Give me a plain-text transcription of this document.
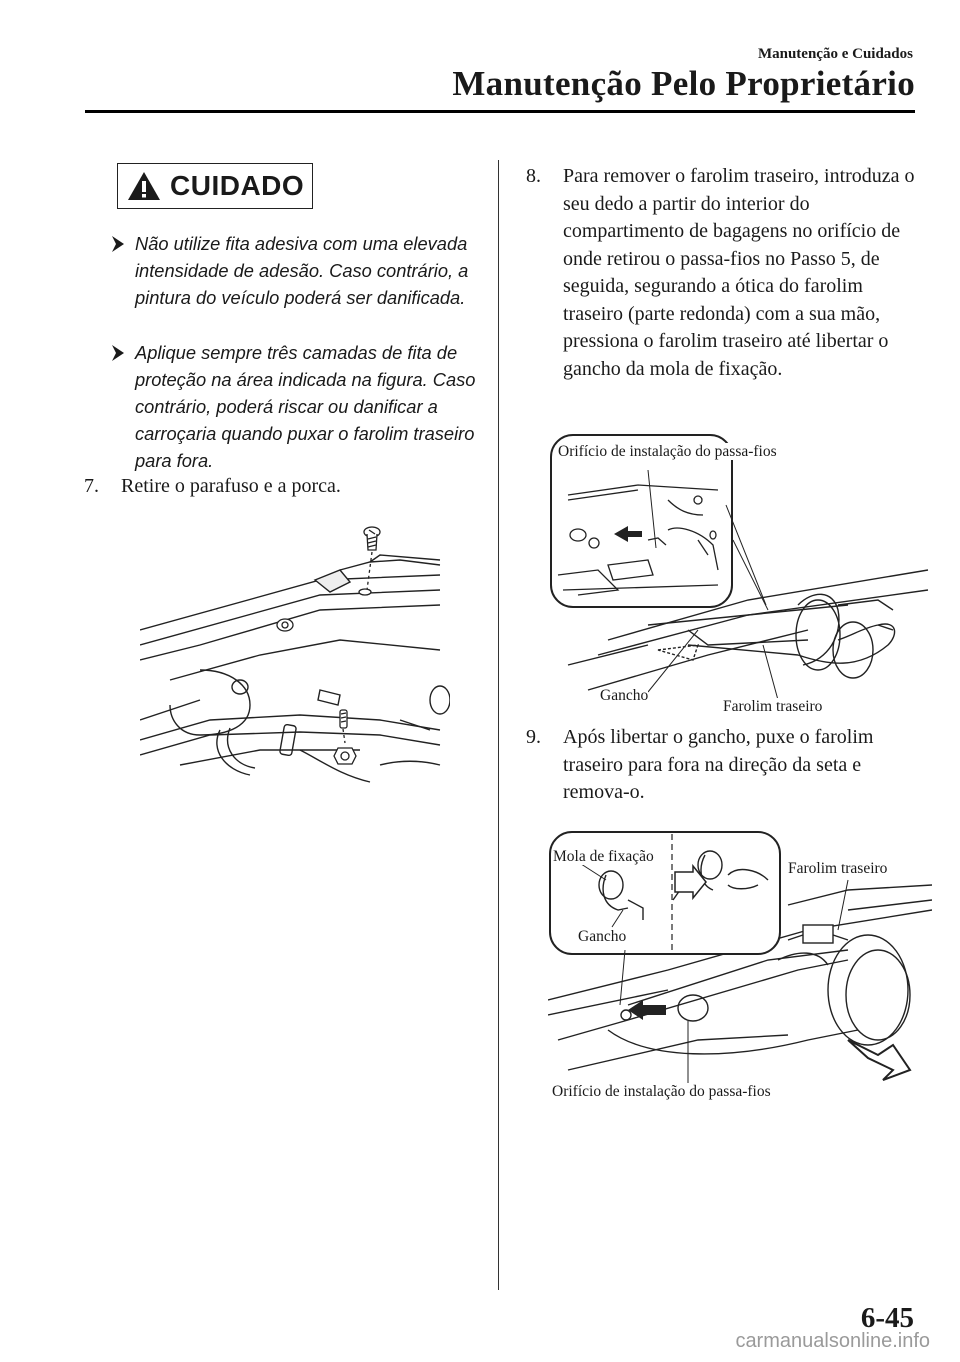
Manutenção e Cuidados
Manutenção Pelo Proprietário
CUIDADO
Não utilize fita adesiva com uma elevada intensidade de adesão. Caso contrário, a pintura do veículo poderá ser danificada.
Aplique sempre três camadas de fita de proteção na área indicada na figura. Caso contrário, poderá riscar ou danificar a carroçaria quando puxar o farolim traseiro para fora.
7.	Retire o parafuso e a porca.
8.	Para remover o farolim traseiro, introduza o seu dedo a partir do interior do compartimento de bagagens no orifício de onde retirou o passa-fios no Passo 5, de seguida, segurando a ótica do farolim traseiro (parte redonda) com a sua mão, pressiona o farolim traseiro até libertar o gancho da mola de fixação.
Orifício de instalação do passa-fios
Gancho
Farolim traseiro
9.	Após libertar o gancho, puxe o farolim traseiro para fora na direção da seta e remova-o.
Mola de fixação
Gancho
Farolim traseiro
Orifício de instalação do passa-fios
6-45
carmanualsonline.info
